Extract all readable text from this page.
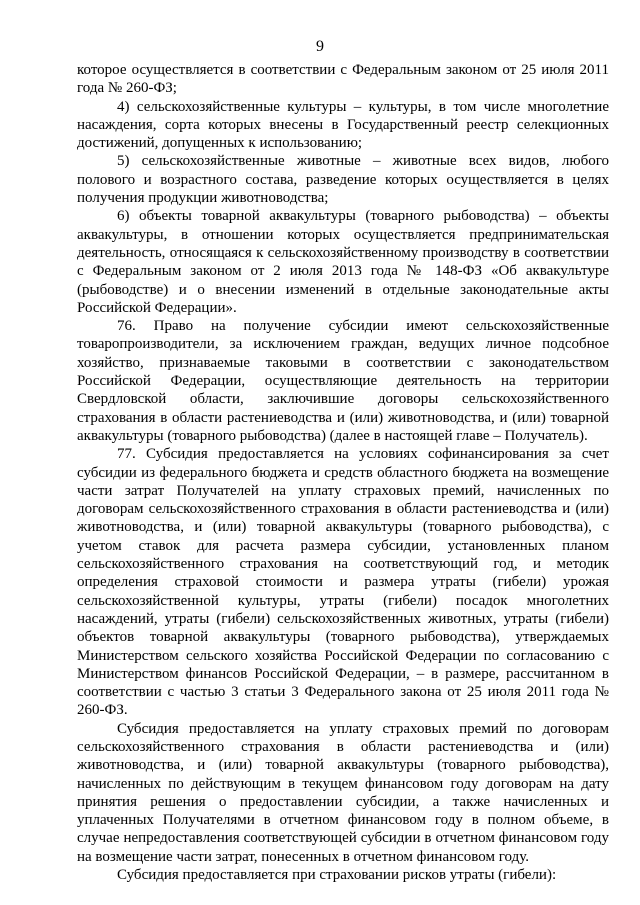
9

которое осуществляется в соответствии с Федеральным законом от 25 июля 2011 года № 260-ФЗ;

4) сельскохозяйственные культуры – культуры, в том числе многолетние насаждения, сорта которых внесены в Государственный реестр селекционных достижений, допущенных к использованию;

5) сельскохозяйственные животные – животные всех видов, любого полового и возрастного состава, разведение которых осуществляется в целях получения продукции животноводства;

6) объекты товарной аквакультуры (товарного рыбоводства) – объекты аквакультуры, в отношении которых осуществляется предпринимательская деятельность, относящаяся к сельскохозяйственному производству в соответствии с Федеральным законом от 2 июля 2013 года № 148-ФЗ «Об аквакультуре (рыбоводстве) и о внесении изменений в отдельные законодательные акты Российской Федерации».

76. Право на получение субсидии имеют сельскохозяйственные товаропроизводители, за исключением граждан, ведущих личное подсобное хозяйство, признаваемые таковыми в соответствии с законодательством Российской Федерации, осуществляющие деятельность на территории Свердловской области, заключившие договоры сельскохозяйственного страхования в области растениеводства и (или) животноводства, и (или) товарной аквакультуры (товарного рыбоводства) (далее в настоящей главе – Получатель).

77. Субсидия предоставляется на условиях софинансирования за счет субсидии из федерального бюджета и средств областного бюджета на возмещение части затрат Получателей на уплату страховых премий, начисленных по договорам сельскохозяйственного страхования в области растениеводства и (или) животноводства, и (или) товарной аквакультуры (товарного рыбоводства), с учетом ставок для расчета размера субсидии, установленных планом сельскохозяйственного страхования на соответствующий год, и методик определения страховой стоимости и размера утраты (гибели) урожая сельскохозяйственной культуры, утраты (гибели) посадок многолетних насаждений, утраты (гибели) сельскохозяйственных животных, утраты (гибели) объектов товарной аквакультуры (товарного рыбоводства), утверждаемых Министерством сельского хозяйства Российской Федерации по согласованию с Министерством финансов Российской Федерации, – в размере, рассчитанном в соответствии с частью 3 статьи 3 Федерального закона от 25 июля 2011 года № 260-ФЗ.

Субсидия предоставляется на уплату страховых премий по договорам сельскохозяйственного страхования в области растениеводства и (или) животноводства, и (или) товарной аквакультуры (товарного рыбоводства), начисленных по действующим в текущем финансовом году договорам на дату принятия решения о предоставлении субсидии, а также начисленных и уплаченных Получателями в отчетном финансовом году в полном объеме, в случае непредоставления соответствующей субсидии в отчетном финансовом году на возмещение части затрат, понесенных в отчетном финансовом году.

Субсидия предоставляется при страховании рисков утраты (гибели):
